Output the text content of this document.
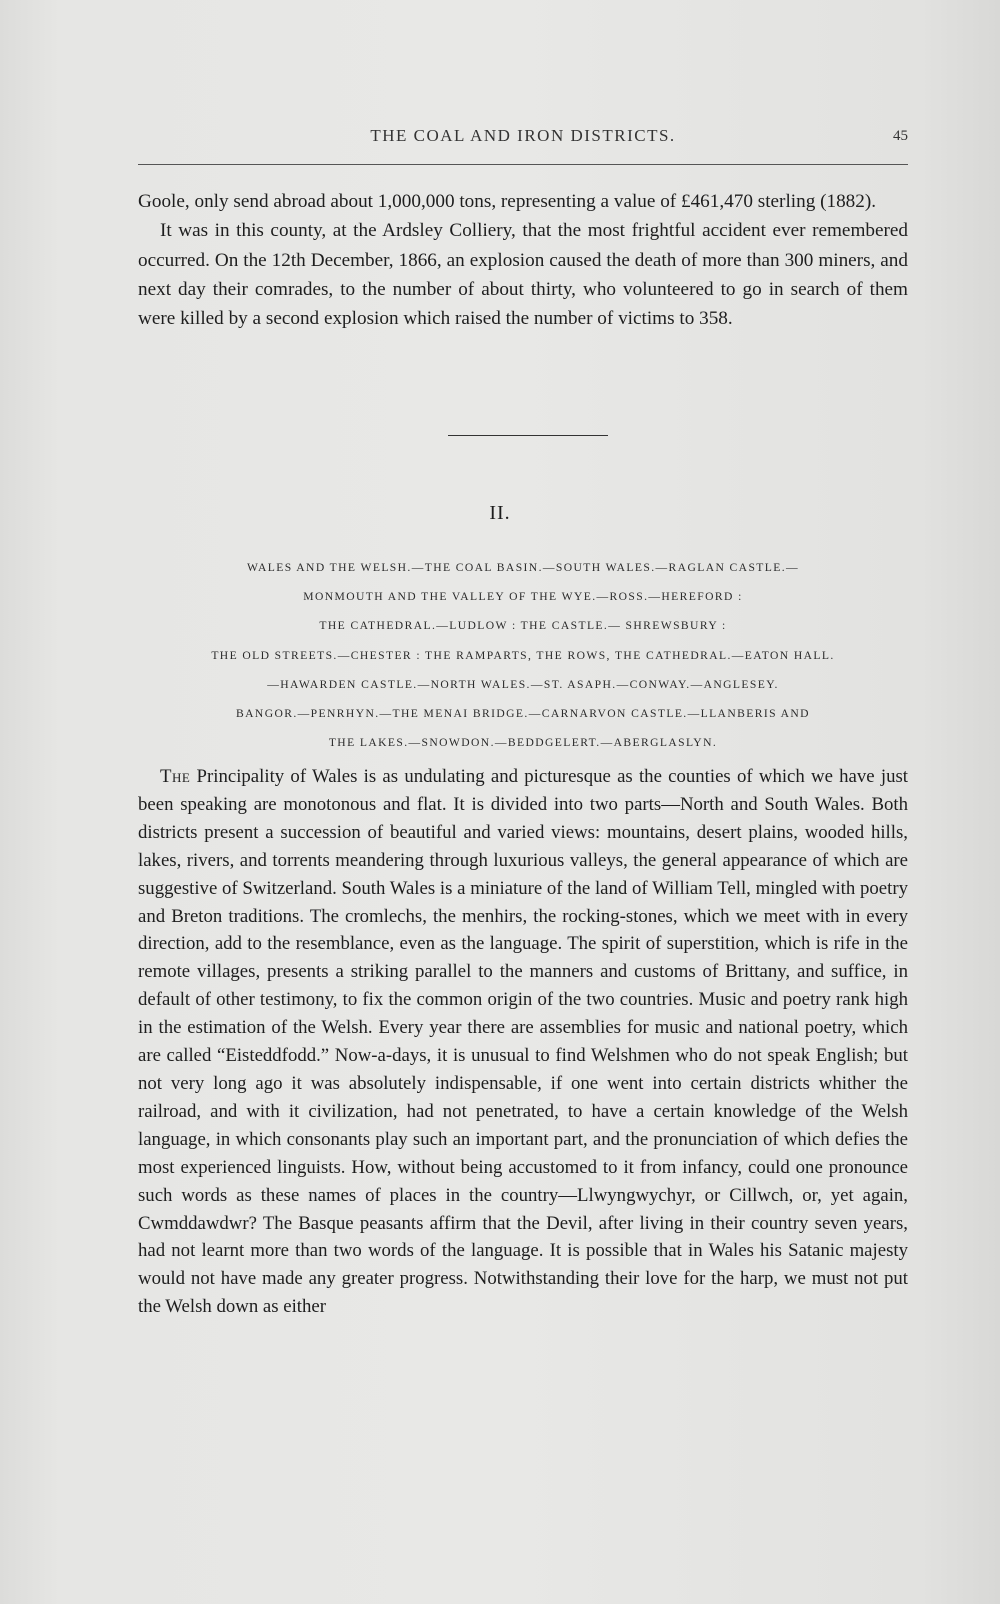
THE COAL AND IRON DISTRICTS.	45

Goole, only send abroad about 1,000,000 tons, representing a value of £461,470 sterling (1882).

It was in this county, at the Ardsley Colliery, that the most frightful accident ever remembered occurred. On the 12th December, 1866, an explosion caused the death of more than 300 miners, and next day their comrades, to the number of about thirty, who volunteered to go in search of them were killed by a second explosion which raised the number of victims to 358.

II.
WALES AND THE WELSH.—THE COAL BASIN.—SOUTH WALES.—RAGLAN CASTLE.—
MONMOUTH AND THE VALLEY OF THE WYE.—ROSS.—HEREFORD :
THE CATHEDRAL.—LUDLOW : THE CASTLE.— SHREWSBURY :
THE OLD STREETS.—CHESTER : THE RAMPARTS, THE ROWS, THE CATHEDRAL.—EATON HALL.
—HAWARDEN CASTLE.—NORTH WALES.—ST. ASAPH.—CONWAY.—ANGLESEY.
BANGOR.—PENRHYN.—THE MENAI BRIDGE.—CARNARVON CASTLE.—LLANBERIS AND
THE LAKES.—SNOWDON.—BEDDGELERT.—ABERGLASLYN.

The Principality of Wales is as undulating and picturesque as the counties of which we have just been speaking are monotonous and flat. It is divided into two parts—North and South Wales. Both districts present a succession of beautiful and varied views: mountains, desert plains, wooded hills, lakes, rivers, and torrents meandering through luxurious valleys, the general appearance of which are suggestive of Switzerland. South Wales is a miniature of the land of William Tell, mingled with poetry and Breton traditions. The cromlechs, the menhirs, the rocking-stones, which we meet with in every direction, add to the resemblance, even as the language. The spirit of superstition, which is rife in the remote villages, presents a striking parallel to the manners and customs of Brittany, and suffice, in default of other testimony, to fix the common origin of the two countries. Music and poetry rank high in the estimation of the Welsh. Every year there are assemblies for music and national poetry, which are called “Eisteddfodd.” Now-a-days, it is unusual to find Welshmen who do not speak English; but not very long ago it was absolutely indispensable, if one went into certain districts whither the railroad, and with it civilization, had not penetrated, to have a certain knowledge of the Welsh language, in which consonants play such an important part, and the pronunciation of which defies the most experienced linguists. How, without being accustomed to it from infancy, could one pronounce such words as these names of places in the country—Llwyngwychyr, or Cillwch, or, yet again, Cwmddawdwr? The Basque peasants affirm that the Devil, after living in their country seven years, had not learnt more than two words of the language. It is possible that in Wales his Satanic majesty would not have made any greater progress. Notwithstanding their love for the harp, we must not put the Welsh down as either
